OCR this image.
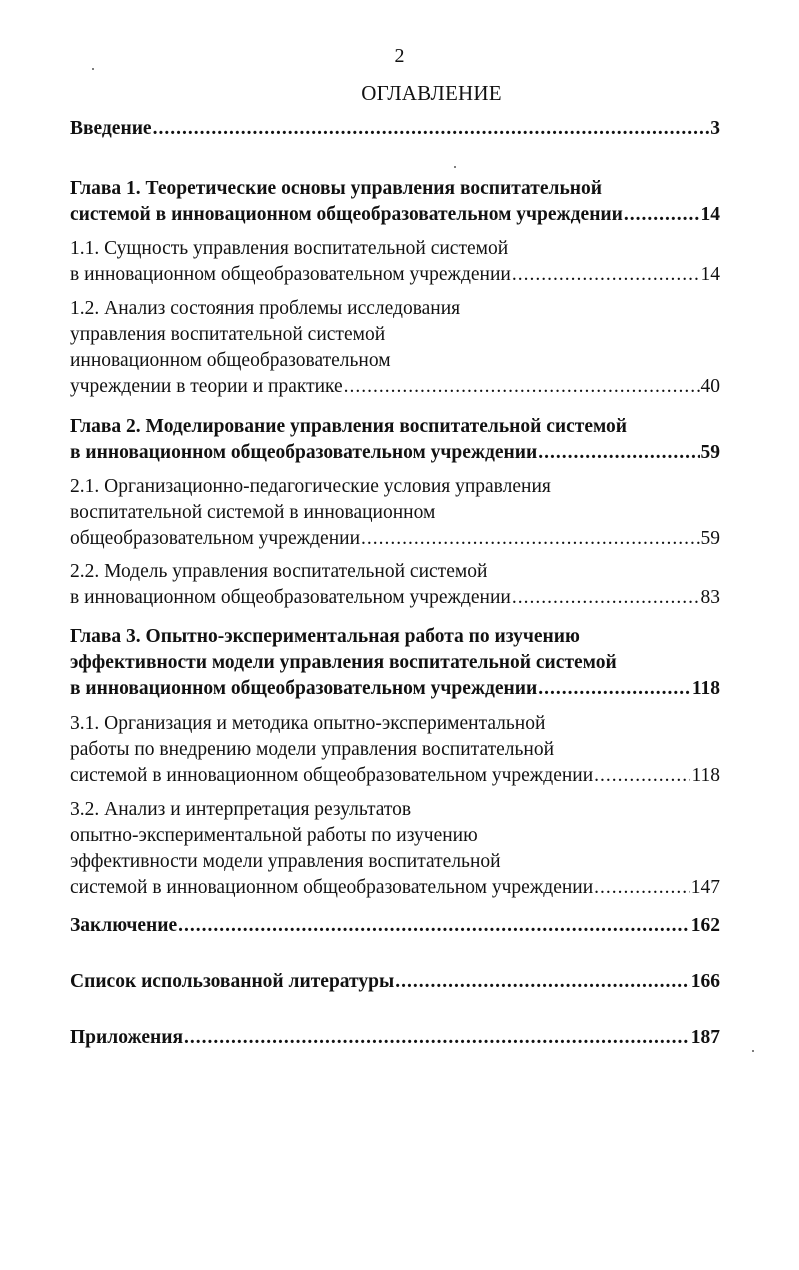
2
ОГЛАВЛЕНИЕ
Введение .....	3
Глава 1. Теоретические основы управления воспитательной
системой в инновационном общеобразовательном учреждении .....	14
1.1. Сущность управления воспитательной системой
в инновационном общеобразовательном учреждении .....	14
1.2. Анализ состояния проблемы исследования
управления воспитательной системой
инновационном общеобразовательном
учреждении в теории и практике .....	40
Глава 2. Моделирование управления воспитательной системой
в инновационном общеобразовательном учреждении .....	59
2.1. Организационно-педагогические условия управления
воспитательной системой в инновационном
общеобразовательном учреждении .....	59
2.2. Модель управления воспитательной системой
в инновационном общеобразовательном учреждении .....	83
Глава 3. Опытно-экспериментальная работа по изучению
эффективности модели управления воспитательной системой
в инновационном общеобразовательном учреждении .....	118
3.1. Организация и методика опытно-экспериментальной
работы по внедрению модели управления воспитательной
системой в инновационном общеобразовательном учреждении .....	118
3.2. Анализ и интерпретация результатов
опытно-экспериментальной работы по изучению
эффективности модели управления воспитательной
системой в инновационном общеобразовательном учреждении .....	147
Заключение .....	162
Список использованной литературы .....	166
Приложения .....	187
